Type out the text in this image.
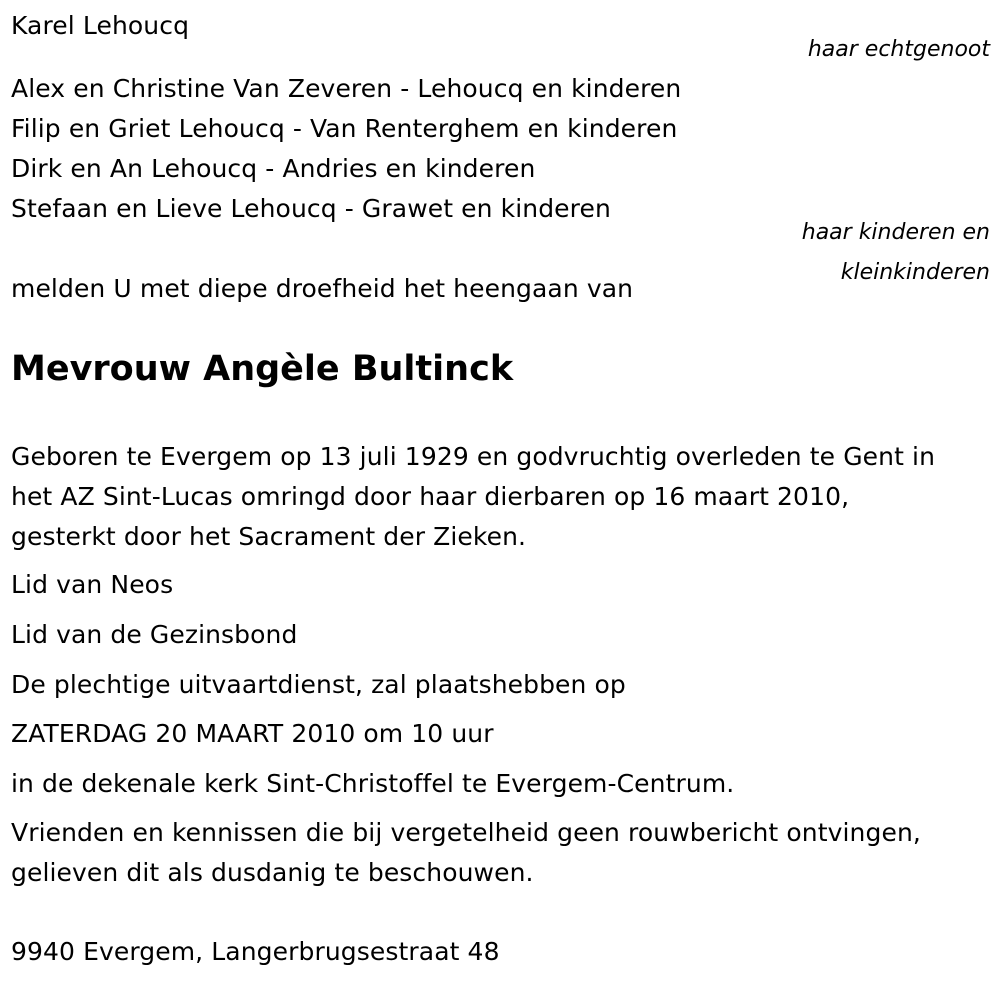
Karel Lehoucq
haar echtgenoot
Alex en Christine Van Zeveren - Lehoucq en kinderen
Filip en Griet Lehoucq - Van Renterghem en kinderen
Dirk en An Lehoucq - Andries en kinderen
Stefaan en Lieve Lehoucq - Grawet en kinderen
haar kinderen en
kleinkinderen
melden U met diepe droefheid het heengaan van
Mevrouw Angèle Bultinck
Geboren te Evergem op 13 juli 1929 en godvruchtig overleden te Gent in
het AZ Sint-Lucas omringd door haar dierbaren op 16 maart 2010,
gesterkt door het Sacrament der Zieken.
Lid van Neos
Lid van de Gezinsbond
De plechtige uitvaartdienst, zal plaatshebben op
ZATERDAG 20 MAART 2010 om 10 uur
in de dekenale kerk Sint-Christoffel te Evergem-Centrum.
Vrienden en kennissen die bij vergetelheid geen rouwbericht ontvingen,
gelieven dit als dusdanig te beschouwen.
9940 Evergem, Langerbrugsestraat 48
